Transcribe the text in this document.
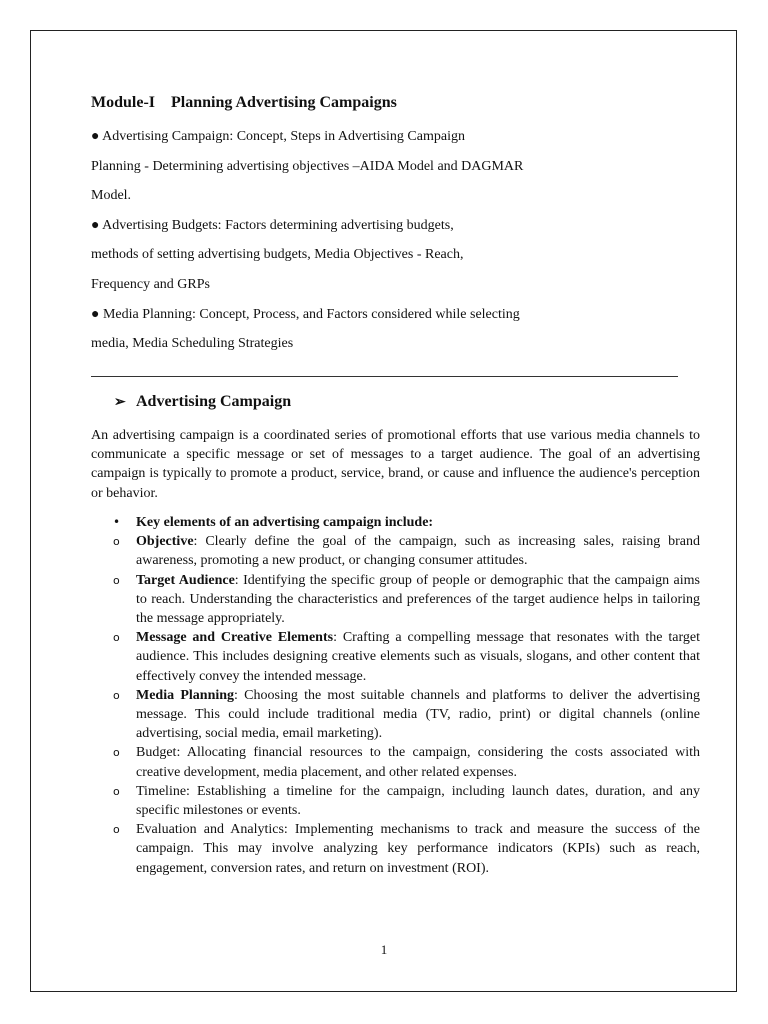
Module-I    Planning Advertising Campaigns

● Advertising Campaign: Concept, Steps in Advertising Campaign

Planning - Determining advertising objectives –AIDA Model and DAGMAR

Model.

● Advertising Budgets: Factors determining advertising budgets,

methods of setting advertising budgets, Media Objectives - Reach,

Frequency and GRPs

● Media Planning: Concept, Process, and Factors considered while selecting

media, Media Scheduling Strategies

➢ Advertising Campaign

An advertising campaign is a coordinated series of promotional efforts that use various media channels to communicate a specific message or set of messages to a target audience. The goal of an advertising campaign is typically to promote a product, service, brand, or cause and influence the audience's perception or behavior.

•	Key elements of an advertising campaign include:
o	Objective: Clearly define the goal of the campaign, such as increasing sales, raising brand awareness, promoting a new product, or changing consumer attitudes.
o	Target Audience: Identifying the specific group of people or demographic that the campaign aims to reach. Understanding the characteristics and preferences of the target audience helps in tailoring the message appropriately.
o	Message and Creative Elements: Crafting a compelling message that resonates with the target audience. This includes designing creative elements such as visuals, slogans, and other content that effectively convey the intended message.
o	Media Planning: Choosing the most suitable channels and platforms to deliver the advertising message. This could include traditional media (TV, radio, print) or digital channels (online advertising, social media, email marketing).
o	Budget: Allocating financial resources to the campaign, considering the costs associated with creative development, media placement, and other related expenses.
o	Timeline: Establishing a timeline for the campaign, including launch dates, duration, and any specific milestones or events.
o	Evaluation and Analytics: Implementing mechanisms to track and measure the success of the campaign. This may involve analyzing key performance indicators (KPIs) such as reach, engagement, conversion rates, and return on investment (ROI).
1
